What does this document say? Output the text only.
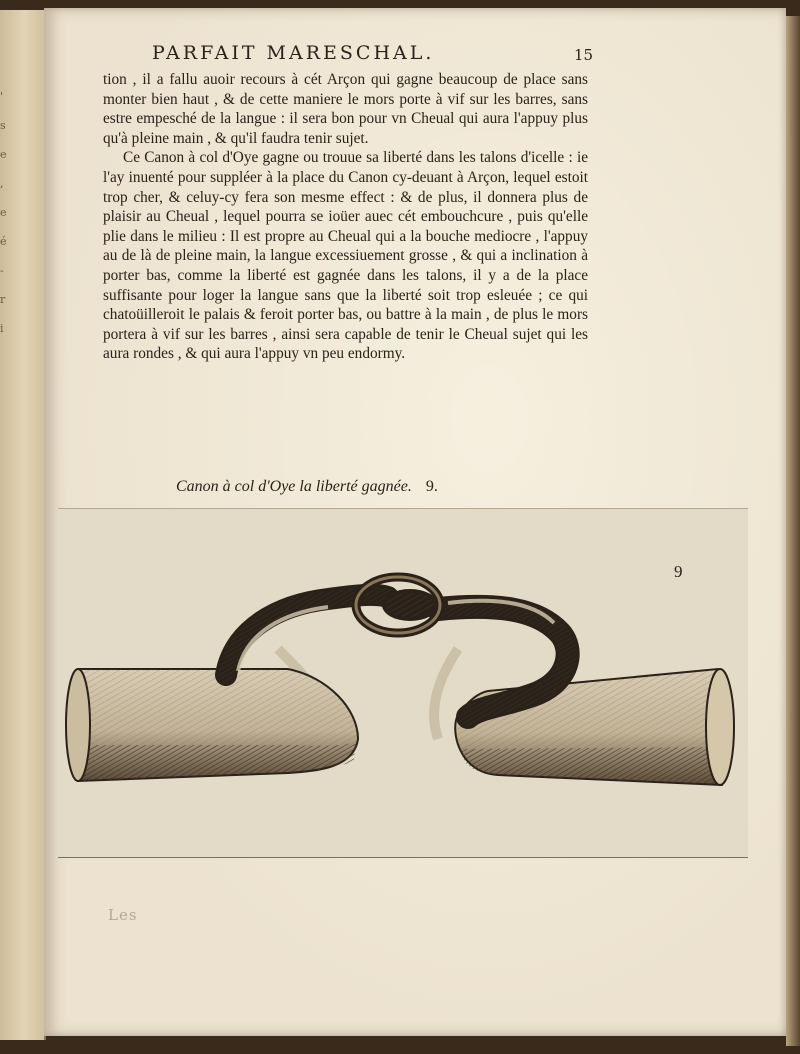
'
s
e
,
e
é
-
r
i
PARFAIT MARESCHAL.	15

tion , il a fallu auoir recours à cét Arçon qui gagne beaucoup de place sans monter bien haut , & de cette maniere le mors porte à vif sur les barres, sans estre empesché de la langue : il sera bon pour vn Cheual qui aura l'appuy plus qu'à pleine main , & qu'il faudra tenir sujet.

Ce Canon à col d'Oye gagne ou trouue sa liberté dans les talons d'icelle : ie l'ay inuenté pour suppléer à la place du Canon cy-deuant à Arçon, lequel estoit trop cher, & celuy-cy fera son mesme effect : & de plus, il donnera plus de plaisir au Cheual , lequel pourra se ioüer auec cét embouchcure , puis qu'elle plie dans le milieu : Il est propre au Cheual qui a la bouche mediocre , l'appuy au de là de pleine main, la langue excessiuement grosse , & qui a inclination à porter bas, comme la liberté est gagnée dans les talons, il y a de la place suffisante pour loger la langue sans que la liberté soit trop esleuée ; ce qui chatoüilleroit le palais & feroit porter bas, ou battre à la main , de plus le mors portera à vif sur les barres , ainsi sera capable de tenir le Cheual sujet qui les aura rondes , & qui aura l'appuy vn peu endormy.

Canon à col d'Oye la liberté gagnée. 9.
9
Les
